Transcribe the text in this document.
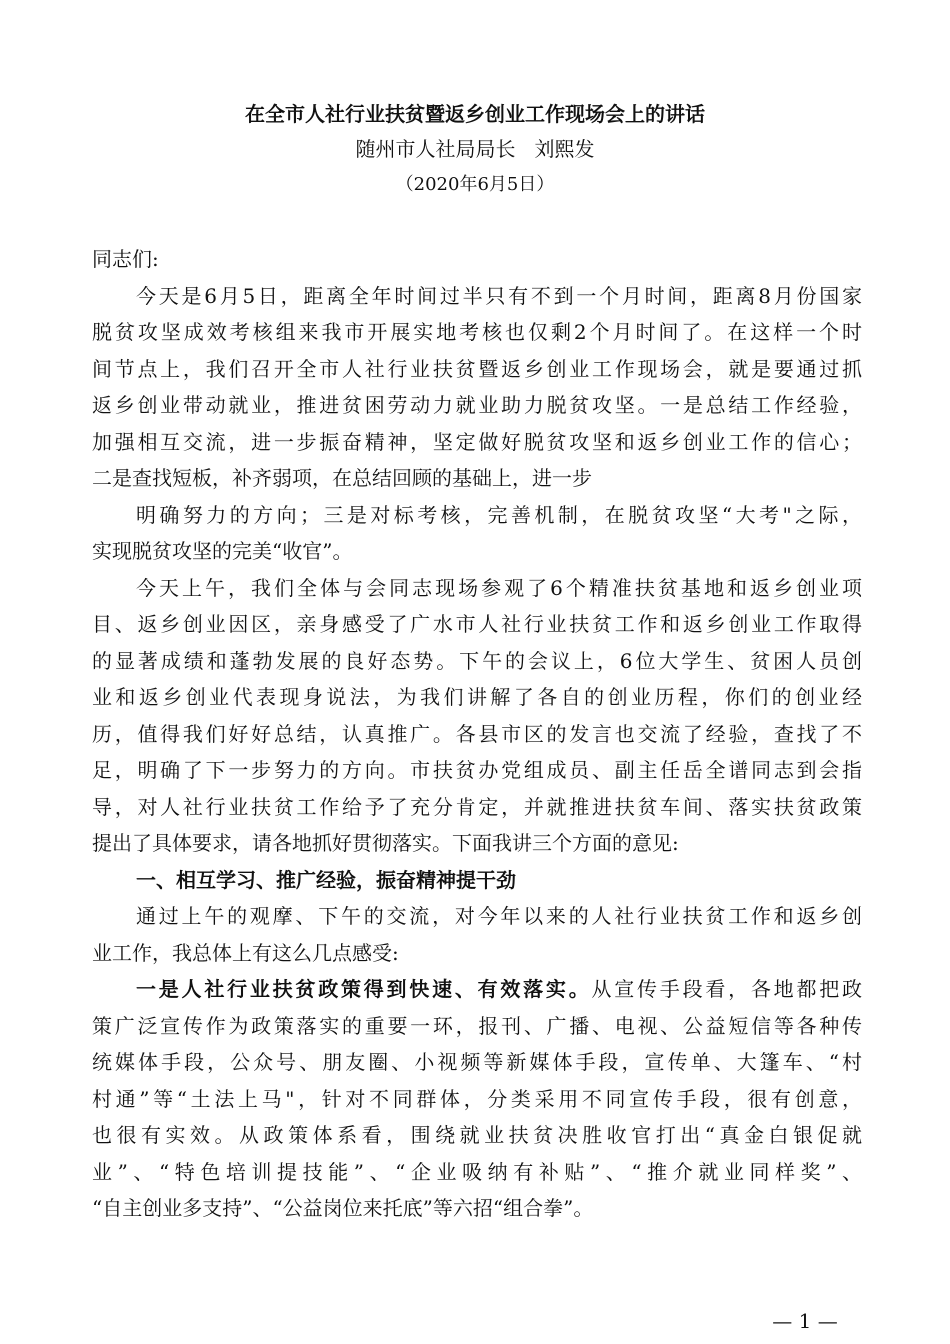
在全市人社行业扶贫暨返乡创业工作现场会上的讲话
随州市人社局局长   刘熙发
（2020年6月5日）
同志们:
今天是6月5日，距离全年时间过半只有不到一个月时间，距离8月份国家
脱贫攻坚成效考核组来我市开展实地考核也仅剩2个月时间了。在这样一个时
间节点上，我们召开全市人社行业扶贫暨返乡创业工作现场会，就是要通过抓
返乡创业带动就业，推进贫困劳动力就业助力脱贫攻坚。一是总结工作经验，
加强相互交流，进一步振奋精神，坚定做好脱贫攻坚和返乡创业工作的信心；
二是查找短板，补齐弱项，在总结回顾的基础上，进一步
明确努力的方向；三是对标考核，完善机制，在脱贫攻坚“大考"之际，
实现脱贫攻坚的完美“收官”。
今天上午，我们全体与会同志现场参观了6个精准扶贫基地和返乡创业项
目、返乡创业因区，亲身感受了广水市人社行业扶贫工作和返乡创业工作取得
的显著成绩和蓬勃发展的良好态势。下午的会议上，6位大学生、贫困人员创
业和返乡创业代表现身说法，为我们讲解了各自的创业历程，你们的创业经
历，值得我们好好总结，认真推广。各县市区的发言也交流了经验，查找了不
足，明确了下一步努力的方向。市扶贫办党组成员、副主任岳全谱同志到会指
导，对人社行业扶贫工作给予了充分肯定，并就推进扶贫车间、落实扶贫政策
提出了具体要求，请各地抓好贯彻落实。下面我讲三个方面的意见:
一、相互学习、推广经验，振奋精神提干劲
通过上午的观摩、下午的交流，对今年以来的人社行业扶贫工作和返乡创
业工作，我总体上有这么几点感受:
一是人社行业扶贫政策得到快速、有效落实。从宣传手段看，各地都把政
策广泛宣传作为政策落实的重要一环，报刊、广播、电视、公益短信等各种传
统媒体手段，公众号、朋友圈、小视频等新媒体手段，宣传单、大篷车、“村
村通”等“土法上马"，针对不同群体，分类采用不同宣传手段，很有创意，
也很有实效。从政策体系看，围绕就业扶贫决胜收官打出“真金白银促就
业”、“特色培训提技能”、“企业吸纳有补贴”、“推介就业同样奖”、
“自主创业多支持”、“公益岗位来托底”等六招“组合拳”。
— 1 —
